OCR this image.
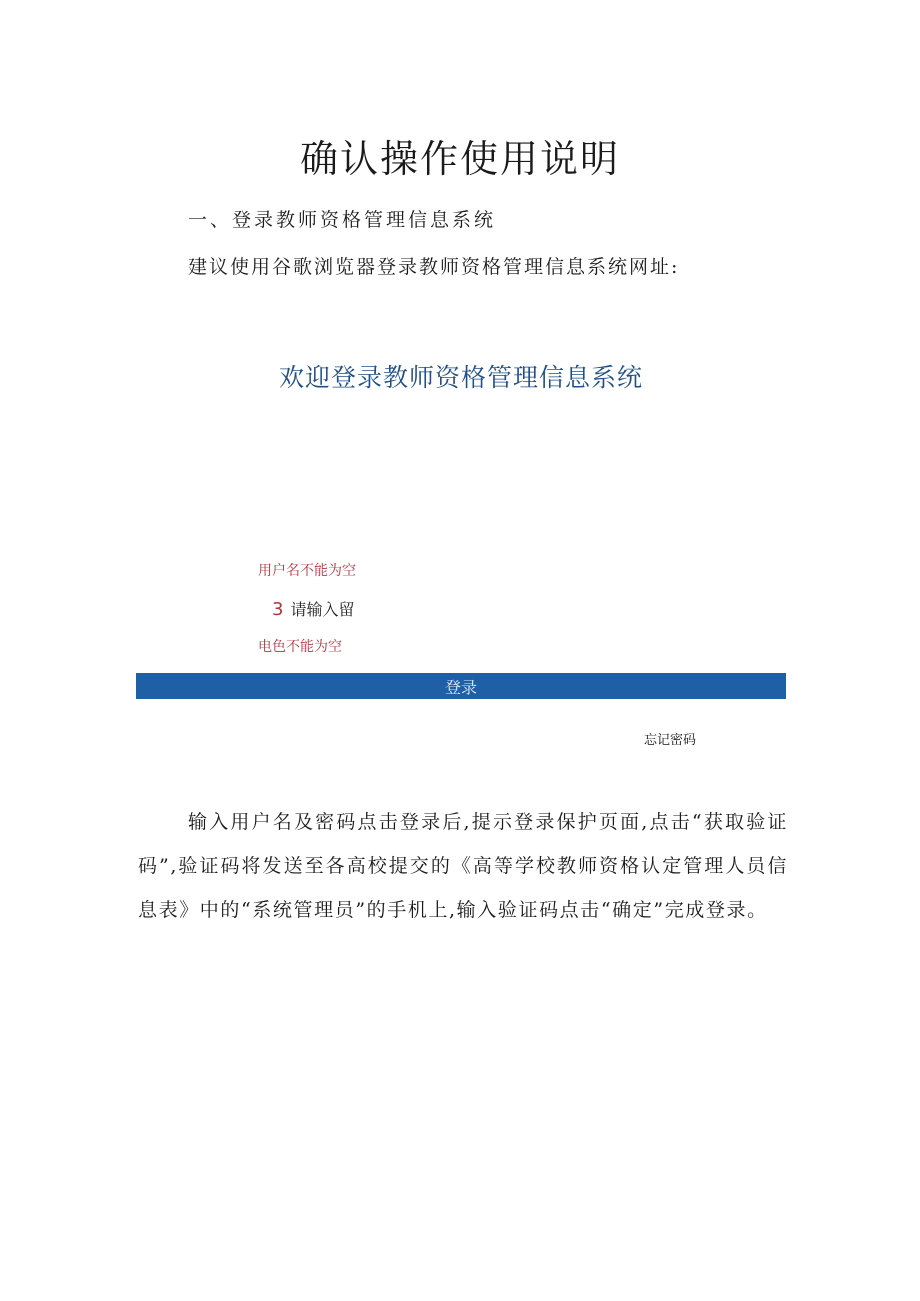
确认操作使用说明
一、登录教师资格管理信息系统

建议使用谷歌浏览器登录教师资格管理信息系统网址:

欢迎登录教师资格管理信息系统

用户名不能为空

3 请输入留

电色不能为空

登录
忘记密码

输入用户名及密码点击登录后,提示登录保护页面,点击“获取验证码”,验证码将发送至各高校提交的《高等学校教师资格认定管理人员信息表》中的“系统管理员”的手机上,输入验证码点击“确定”完成登录。
